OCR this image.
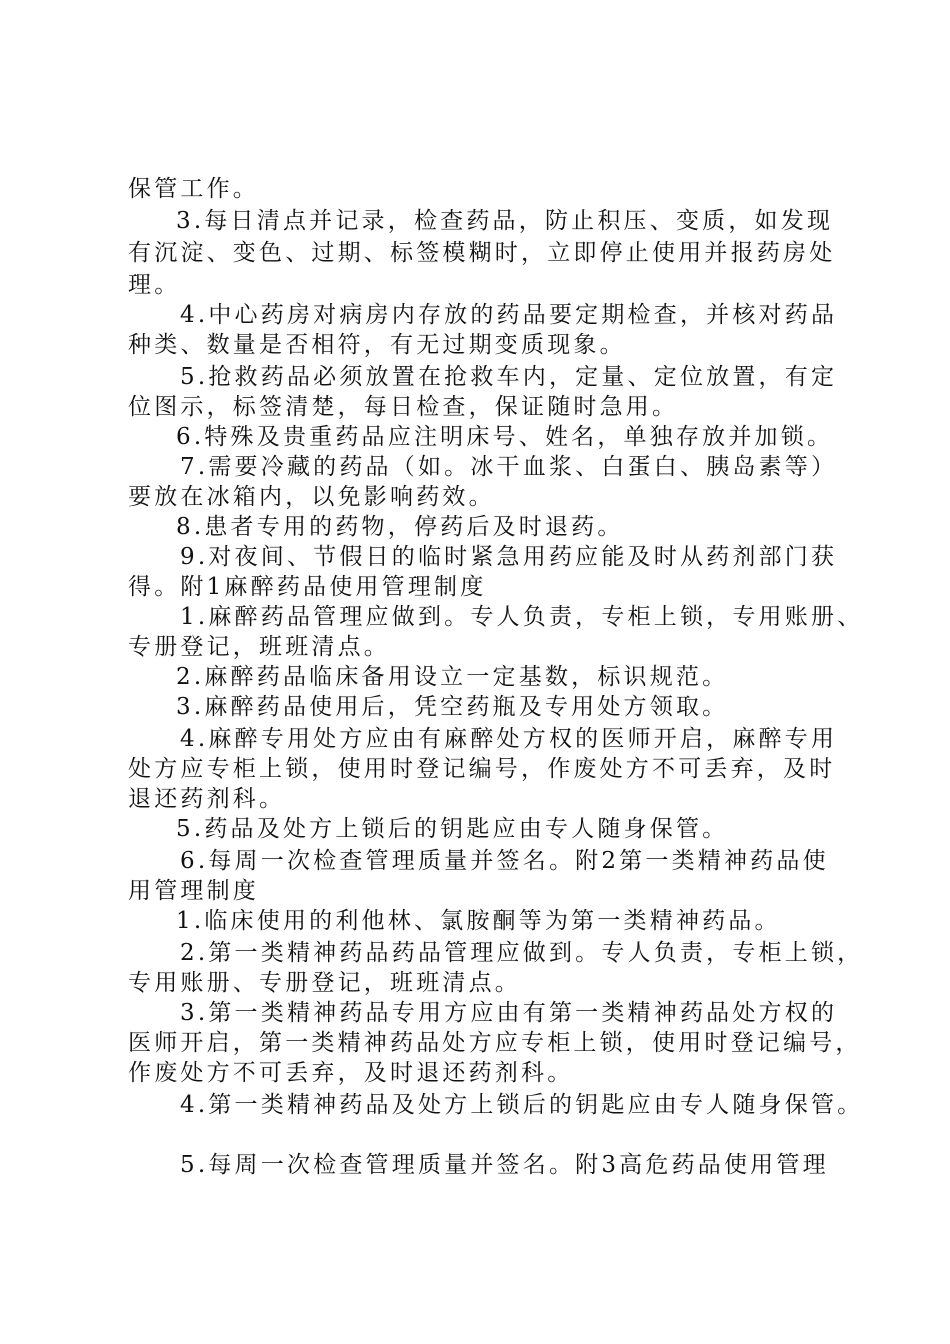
保管工作。
3.每日清点并记录，检查药品，防止积压、变质，如发现
有沉淀、变色、过期、标签模糊时，立即停止使用并报药房处
理。
4.中心药房对病房内存放的药品要定期检查，并核对药品
种类、数量是否相符，有无过期变质现象。
5.抢救药品必须放置在抢救车内，定量、定位放置，有定
位图示，标签清楚，每日检查，保证随时急用。
6.特殊及贵重药品应注明床号、姓名，单独存放并加锁。
7.需要冷藏的药品（如。冰干血浆、白蛋白、胰岛素等）
要放在冰箱内，以免影响药效。
8.患者专用的药物，停药后及时退药。
9.对夜间、节假日的临时紧急用药应能及时从药剂部门获
得。附1麻醉药品使用管理制度
1.麻醉药品管理应做到。专人负责，专柜上锁，专用账册、
专册登记，班班清点。
2.麻醉药品临床备用设立一定基数，标识规范。
3.麻醉药品使用后，凭空药瓶及专用处方领取。
4.麻醉专用处方应由有麻醉处方权的医师开启，麻醉专用
处方应专柜上锁，使用时登记编号，作废处方不可丢弃，及时
退还药剂科。
5.药品及处方上锁后的钥匙应由专人随身保管。
6.每周一次检查管理质量并签名。附2第一类精神药品使
用管理制度
1.临床使用的利他林、氯胺酮等为第一类精神药品。
2.第一类精神药品药品管理应做到。专人负责，专柜上锁，
专用账册、专册登记，班班清点。
3.第一类精神药品专用方应由有第一类精神药品处方权的
医师开启，第一类精神药品处方应专柜上锁，使用时登记编号，
作废处方不可丢弃，及时退还药剂科。
4.第一类精神药品及处方上锁后的钥匙应由专人随身保管。
5.每周一次检查管理质量并签名。附3高危药品使用管理
